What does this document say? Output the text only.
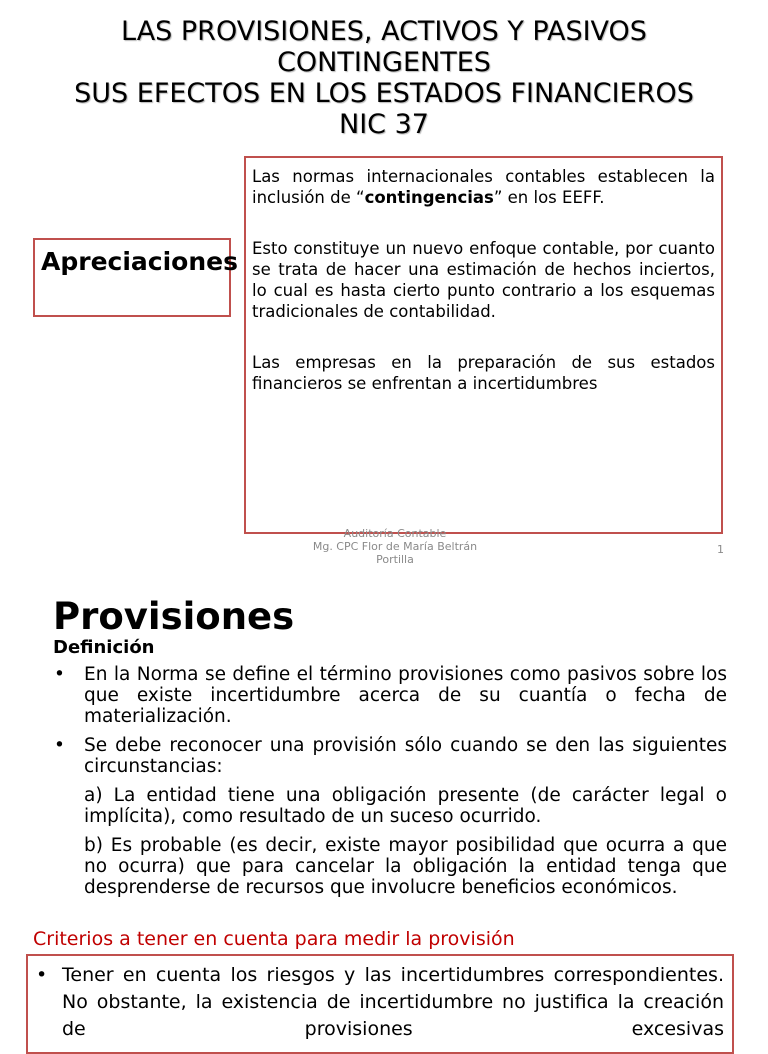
LAS PROVISIONES, ACTIVOS Y PASIVOS
CONTINGENTES
SUS EFECTOS EN LOS ESTADOS FINANCIEROS
NIC 37
Apreciaciones

Las normas internacionales contables establecen la inclusión de “contingencias” en los EEFF.

Esto constituye un nuevo enfoque contable, por cuanto se trata de hacer una estimación de hechos inciertos, lo cual es hasta cierto punto contrario a los esquemas tradicionales de contabilidad.

Las empresas en la preparación de sus estados financieros se enfrentan a incertidumbres

Auditoría Contable
Mg. CPC Flor de María Beltrán
Portilla
1
Provisiones
Definición
• En la Norma se define el término provisiones como pasivos sobre los que existe incertidumbre acerca de su cuantía o fecha de materialización.
• Se debe reconocer una provisión sólo cuando se den las siguientes circunstancias:
a) La entidad tiene una obligación presente (de carácter legal o implícita), como resultado de un suceso ocurrido.
b) Es probable (es decir, existe mayor posibilidad que ocurra a que no ocurra) que para cancelar la obligación la entidad tenga que desprenderse de recursos que involucre beneficios económicos.
Criterios a tener en cuenta para medir la provisión
• Tener en cuenta los riesgos y las incertidumbres correspondientes. No obstante, la existencia de incertidumbre no justifica la creación de provisiones excesivas
